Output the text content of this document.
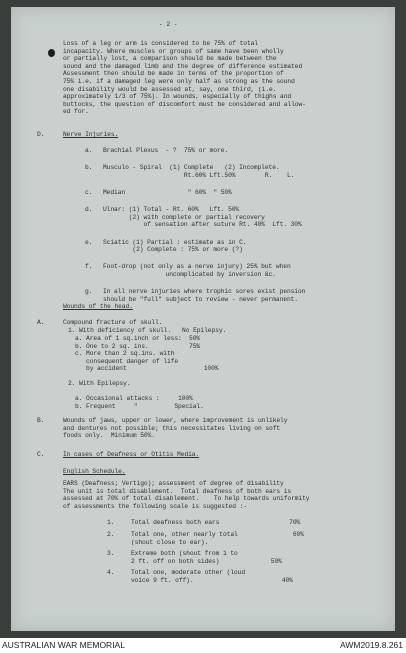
- 2 -
Loss of a leg or arm is considered to be 75% of total
incapacity. Where muscles or groups of same have been wholly
or partially lost, a comparison should be made between the
sound and the damaged limb and the degree of difference estimated
Assessment then should be made in terms of the proportion of
75% i.e. if a damaged leg were only half as strong as the sound
one disability would be assessed at, say, one third, (i.e.
approximately 1/3 of 75%). In wounds, especially of thighs and
buttocks, the question of discomfort must be considered and allow-
ed for.
D.	Nerve Injuries.
a. Brachial Plexus  - ?  75% or more.
b. Musculo - Spiral  (1) Complete   (2) Incomplete.
Rt.60% Lft.50%        R.    L.
c. Median                 " 60%  " 50%
d. Ulnar: (1) Total - Rt. 60%   Lft. 50%
(2) with complete or partial recovery
of sensation after suture Rt. 40%  Lft. 30%
e. Sciatic (1) Partial : estimate as in C.
(2) Complete : 75% or more (?)
f. Foot-drop (not only as a nerve injury) 25% but when
uncomplicated by inversion &c.
g. In all nerve injuries where trophic sores exist pension
should be "full" subject to review - never permanent.
Wounds of the head.
A.	Compound fracture of skull.
1. With deficiency of skull.   No Epilepsy.
a. Area of 1 sq.inch or less:  50%
b. One to 2 sq. ins.           75%
c. More than 2 sq.ins. with
consequent danger of life
by accident                     100%
2. With Epilepsy.
a. Occasional attacks :     100%
b. Frequent     "          Special.
B.	Wounds of jaws, upper or lower, where improvement is unlikely
and dentures not possible; this necessitates living on soft
foods only.  Minimum 50%.
C.	In cases of Deafness or Otitis Media.
English Schedule.
EARS (Deafness; Vertigo); assessment of degree of disability
The unit is total disablement.  Total deafness of both ears is
assessed at 70% of total disablement.    To help towards uniformity
of assessments the following scale is suggested :-
1.	Total deafness both ears                   70%
2.	Total one, other nearly total               60%
(shout close to ear).
3.	Extreme both (shout from 1 to
2 ft. off on both sides)              50%
4.	Total one, moderate other (loud
voice 9 ft. off).                        40%
AUSTRALIAN WAR MEMORIAL	AWM2019.8.261
